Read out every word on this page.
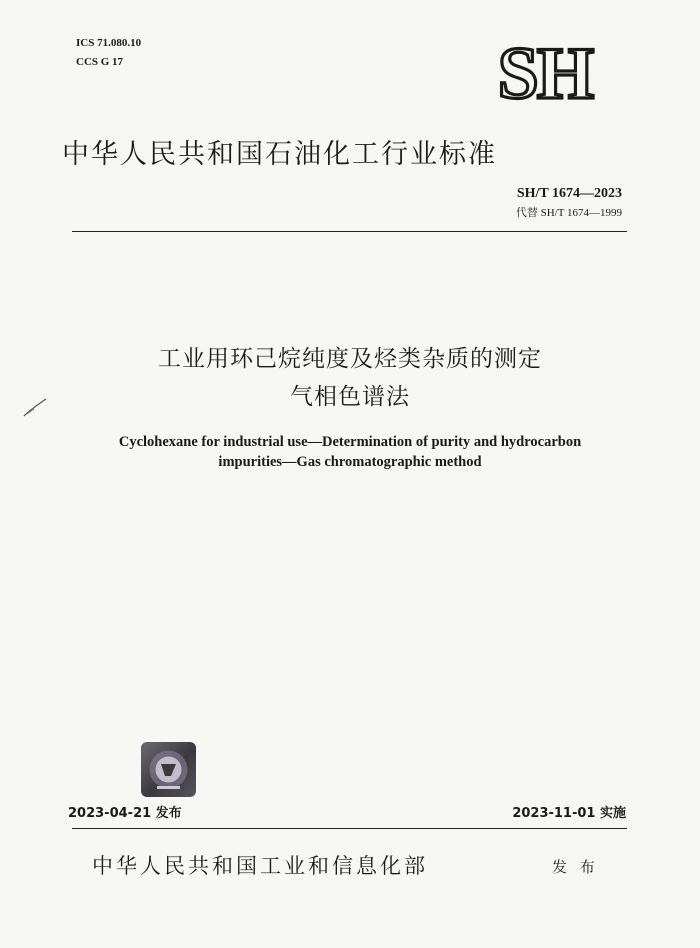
ICS 71.080.10
CCS G 17	SH
中华人民共和国石油化工行业标准
SH/T 1674—2023
代替 SH/T 1674—1999
工业用环己烷纯度及烃类杂质的测定
气相色谱法
Cyclohexane for industrial use—Determination of purity and hydrocarbon
impurities—Gas chromatographic method
2023-04-21 发布	2023-11-01 实施
中华人民共和国工业和信息化部	发 布
